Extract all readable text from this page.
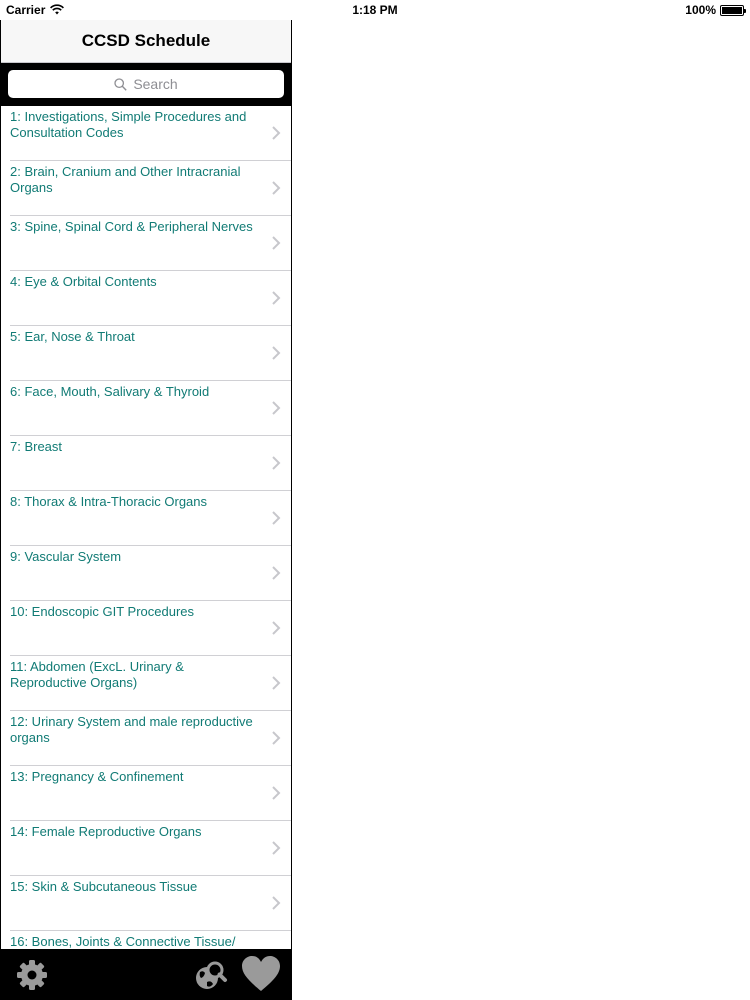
Carrier	1:18 PM	100%
CCSD Schedule
Search
1: Investigations, Simple Procedures and Consultation Codes
2: Brain, Cranium and Other Intracranial Organs
3: Spine, Spinal Cord & Peripheral Nerves
4: Eye & Orbital Contents
5: Ear, Nose & Throat
6: Face, Mouth, Salivary & Thyroid
7: Breast
8: Thorax & Intra-Thoracic Organs
9: Vascular System
10: Endoscopic GIT Procedures
11: Abdomen (ExcL. Urinary & Reproductive Organs)
12: Urinary System and male reproductive organs
13: Pregnancy & Confinement
14: Female Reproductive Organs
15: Skin & Subcutaneous Tissue
16: Bones, Joints & Connective Tissue/
